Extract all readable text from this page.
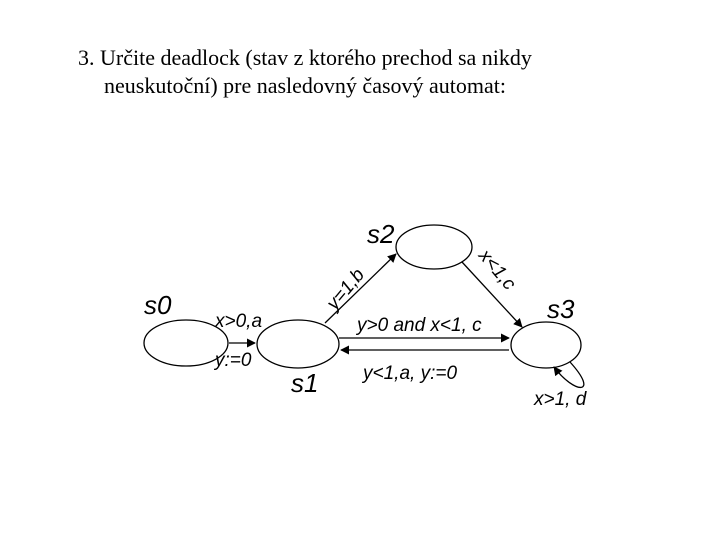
3. Určite deadlock (stav z ktorého prechod sa nikdy
neuskutoční) pre nasledovný časový automat:
s0
s1
s2
s3
x>0,a
y:=0
y=1,b	x<1,c
y>0 and x<1, c
y<1,a, y:=0
x>1, d
